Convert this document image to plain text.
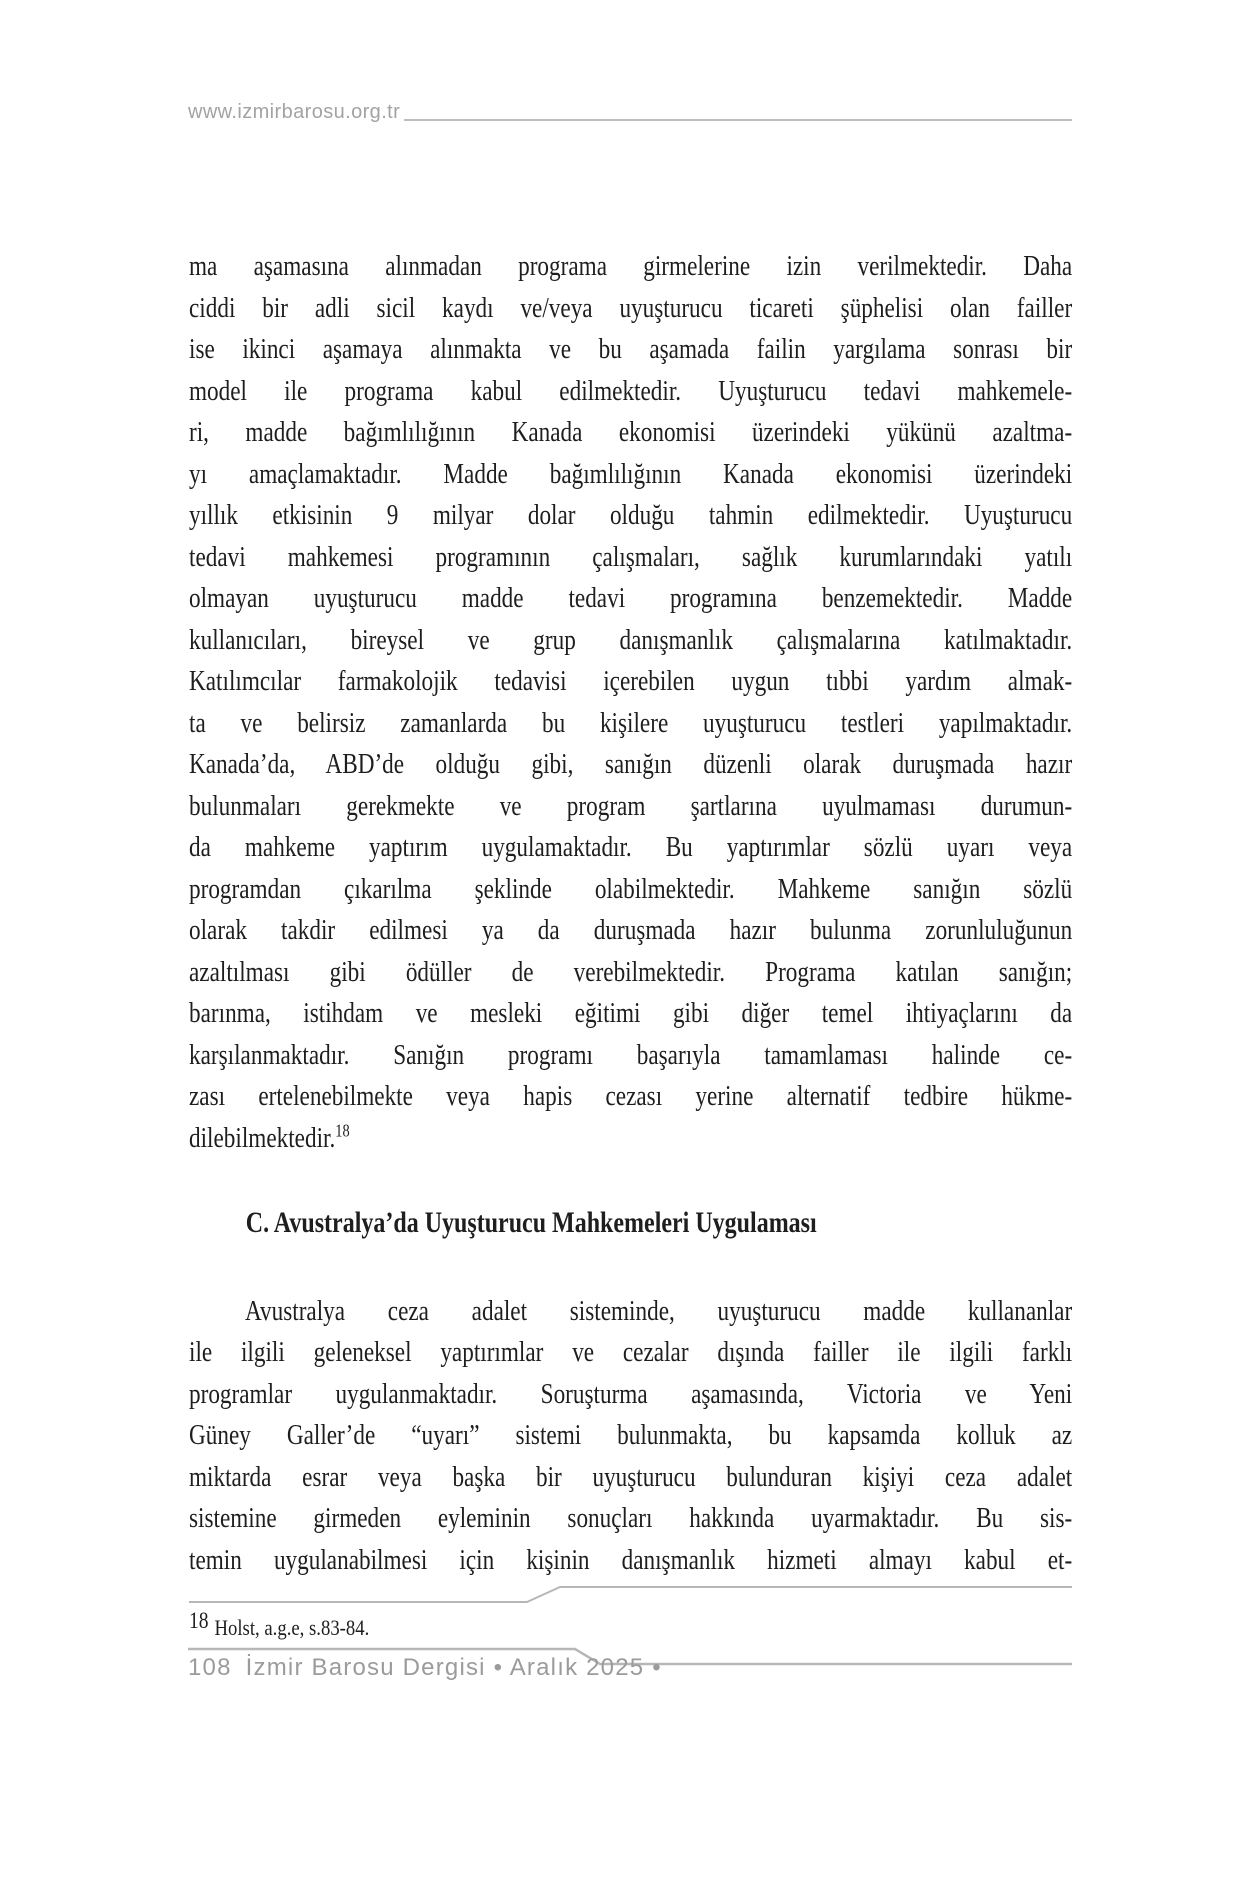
www.izmirbarosu.org.tr
ma aşamasına alınmadan programa girmelerine izin verilmektedir. Daha
ciddi bir adli sicil kaydı ve/veya uyuşturucu ticareti şüphelisi olan failler
ise ikinci aşamaya alınmakta ve bu aşamada failin yargılama sonrası bir
model ile programa kabul edilmektedir. Uyuşturucu tedavi mahkemele-
ri, madde bağımlılığının Kanada ekonomisi üzerindeki yükünü azaltma-
yı amaçlamaktadır. Madde bağımlılığının Kanada ekonomisi üzerindeki
yıllık etkisinin 9 milyar dolar olduğu tahmin edilmektedir. Uyuşturucu
tedavi mahkemesi programının çalışmaları, sağlık kurumlarındaki yatılı
olmayan uyuşturucu madde tedavi programına benzemektedir. Madde
kullanıcıları, bireysel ve grup danışmanlık çalışmalarına katılmaktadır.
Katılımcılar farmakolojik tedavisi içerebilen uygun tıbbi yardım almak-
ta ve belirsiz zamanlarda bu kişilere uyuşturucu testleri yapılmaktadır.
Kanada’da, ABD’de olduğu gibi, sanığın düzenli olarak duruşmada hazır
bulunmaları gerekmekte ve program şartlarına uyulmaması durumun-
da mahkeme yaptırım uygulamaktadır. Bu yaptırımlar sözlü uyarı veya
programdan çıkarılma şeklinde olabilmektedir. Mahkeme sanığın sözlü
olarak takdir edilmesi ya da duruşmada hazır bulunma zorunluluğunun
azaltılması gibi ödüller de verebilmektedir. Programa katılan sanığın;
barınma, istihdam ve mesleki eğitimi gibi diğer temel ihtiyaçlarını da
karşılanmaktadır. Sanığın programı başarıyla tamamlaması halinde ce-
zası ertelenebilmekte veya hapis cezası yerine alternatif tedbire hükme-
dilebilmektedir.$^{18}$
C. Avustralya’da Uyuşturucu Mahkemeleri Uygulaması
Avustralya ceza adalet sisteminde, uyuşturucu madde kullananlar
ile ilgili geleneksel yaptırımlar ve cezalar dışında failler ile ilgili farklı
programlar uygulanmaktadır. Soruşturma aşamasında, Victoria ve Yeni
Güney Galler’de “uyarı” sistemi bulunmakta, bu kapsamda kolluk az
miktarda esrar veya başka bir uyuşturucu bulunduran kişiyi ceza adalet
sistemine girmeden eyleminin sonuçları hakkında uyarmaktadır. Bu sis-
temin uygulanabilmesi için kişinin danışmanlık hizmeti almayı kabul et-
18 Holst, a.g.e, s.83-84.
108 İzmir Barosu Dergisi • Aralık 2025 •
